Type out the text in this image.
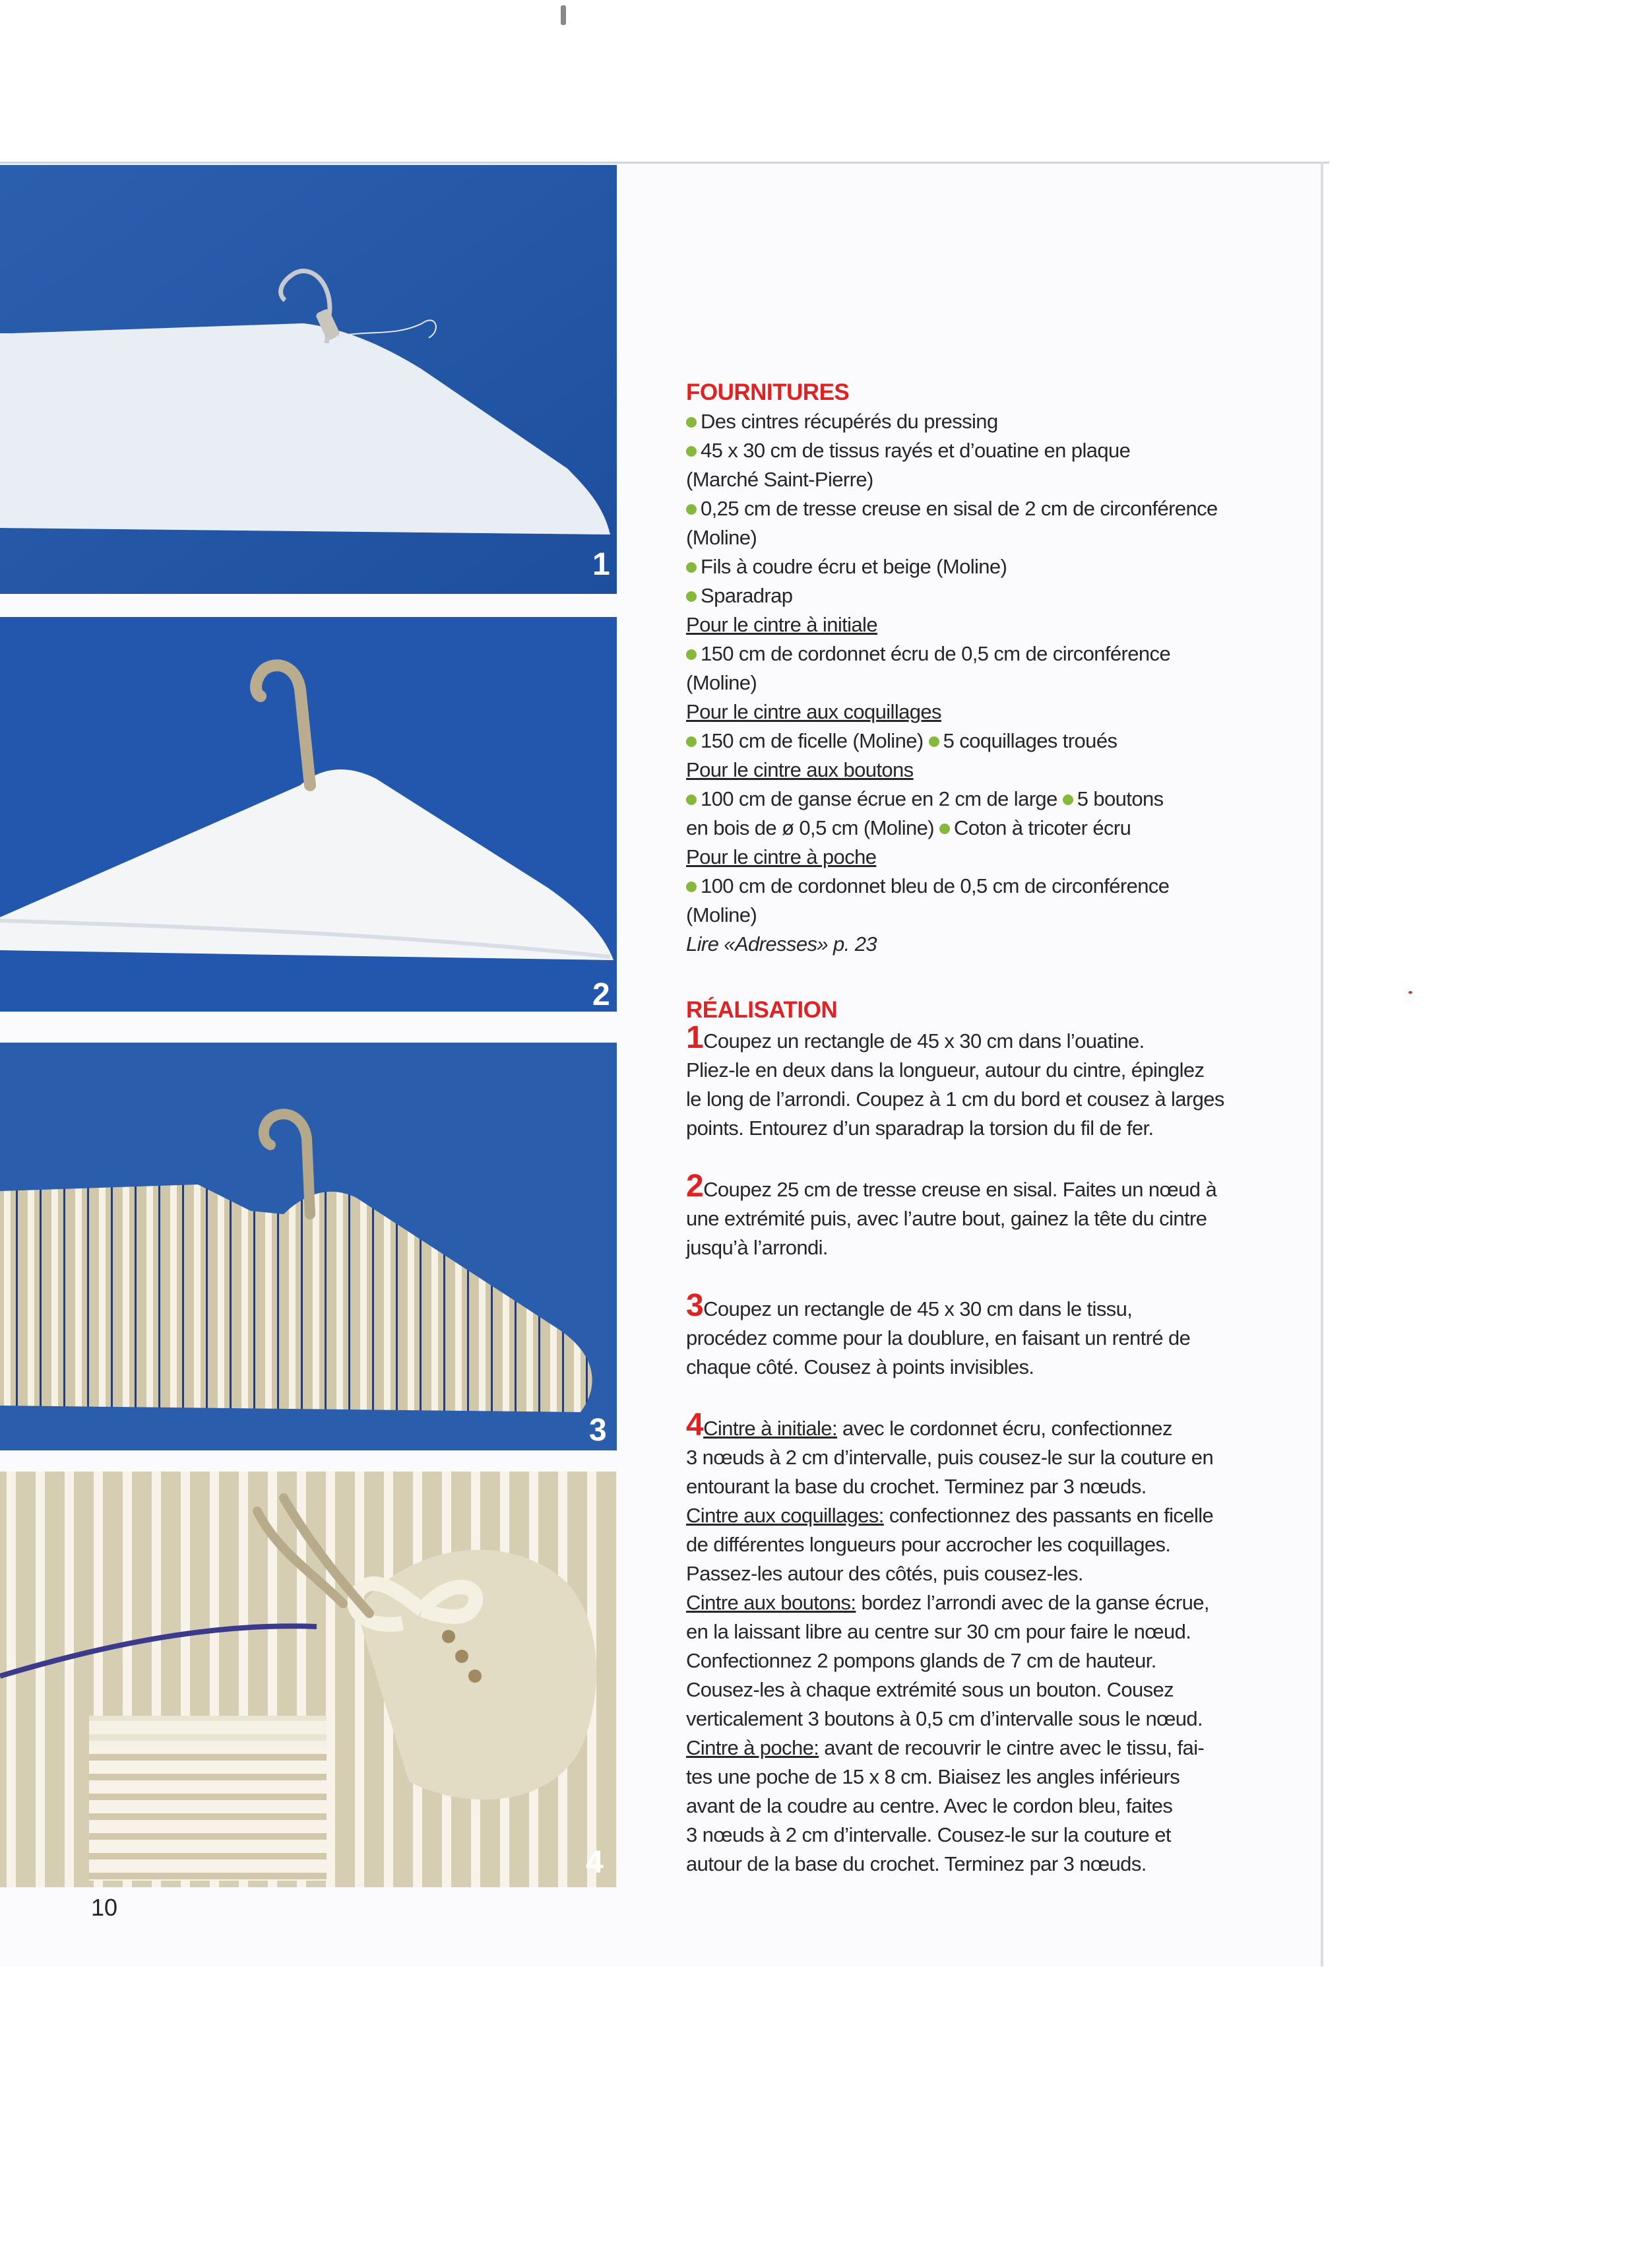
1
2
3
4
10
FOURNITURES

Des cintres récupérés du pressing

45 x 30 cm de tissus rayés et d’ouatine en plaque

(Marché Saint-Pierre)

0,25 cm de tresse creuse en sisal de 2 cm de circonférence

(Moline)

Fils à coudre écru et beige (Moline)

Sparadrap

Pour le cintre à initiale

150 cm de cordonnet écru de 0,5 cm de circonférence

(Moline)

Pour le cintre aux coquillages

150 cm de ficelle (Moline) 5 coquillages troués

Pour le cintre aux boutons

100 cm de ganse écrue en 2 cm de large 5 boutons

en bois de ø 0,5 cm (Moline) Coton à tricoter écru

Pour le cintre à poche

100 cm de cordonnet bleu de 0,5 cm de circonférence

(Moline)

Lire «Adresses» p. 23

RÉALISATION

1Coupez un rectangle de 45 x 30 cm dans l’ouatine.

Pliez-le en deux dans la longueur, autour du cintre, épinglez

le long de l’arrondi. Coupez à 1 cm du bord et cousez à larges

points. Entourez d’un sparadrap la torsion du fil de fer.

2Coupez 25 cm de tresse creuse en sisal. Faites un nœud à

une extrémité puis, avec l’autre bout, gainez la tête du cintre

jusqu’à l’arrondi.

3Coupez un rectangle de 45 x 30 cm dans le tissu,

procédez comme pour la doublure, en faisant un rentré de

chaque côté. Cousez à points invisibles.

4Cintre à initiale: avec le cordonnet écru, confectionnez

3 nœuds à 2 cm d’intervalle, puis cousez-le sur la couture en

entourant la base du crochet. Terminez par 3 nœuds.

Cintre aux coquillages: confectionnez des passants en ficelle

de différentes longueurs pour accrocher les coquillages.

Passez-les autour des côtés, puis cousez-les.

Cintre aux boutons: bordez l’arrondi avec de la ganse écrue,

en la laissant libre au centre sur 30 cm pour faire le nœud.

Confectionnez 2 pompons glands de 7 cm de hauteur.

Cousez-les à chaque extrémité sous un bouton. Cousez

verticalement 3 boutons à 0,5 cm d’intervalle sous le nœud.

Cintre à poche: avant de recouvrir le cintre avec le tissu, fai-

tes une poche de 15 x 8 cm. Biaisez les angles inférieurs

avant de la coudre au centre. Avec le cordon bleu, faites

3 nœuds à 2 cm d’intervalle. Cousez-le sur la couture et

autour de la base du crochet. Terminez par 3 nœuds.
